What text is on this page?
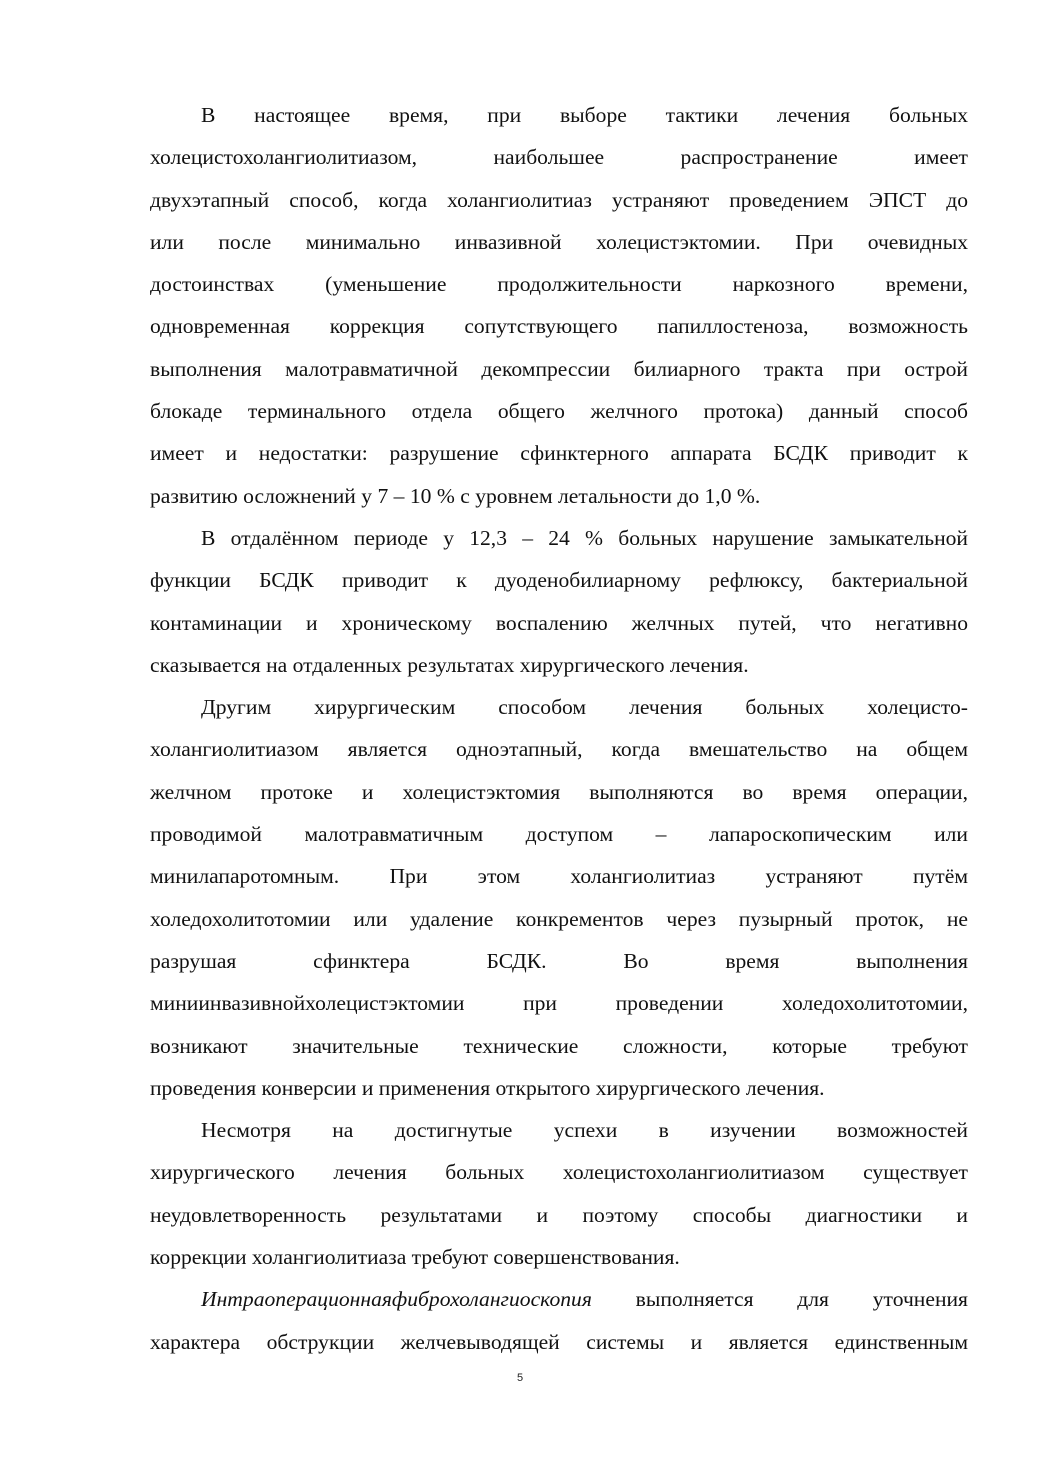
В настоящее время, при выборе тактики лечения больных
холецистохолангиолитиазом, наибольшее распространение имеет
двухэтапный способ, когда холангиолитиаз устраняют проведением ЭПСТ до
или после минимально инвазивной холецистэктомии. При очевидных
достоинствах (уменьшение продолжительности наркозного времени,
одновременная коррекция сопутствующего папиллостеноза, возможность
выполнения малотравматичной декомпрессии билиарного тракта при острой
блокаде терминального отдела общего желчного протока) данный способ
имеет и недостатки: разрушение сфинктерного аппарата БСДК приводит к
развитию осложнений у 7 – 10 % с уровнем летальности до 1,0 %.

В отдалённом периоде у 12,3 – 24 % больных нарушение замыкательной
функции БСДК приводит к дуоденобилиарному рефлюксу, бактериальной
контаминации и хроническому воспалению желчных путей, что негативно
сказывается на отдаленных результатах хирургического лечения.

Другим хирургическим способом лечения больных холецисто-
холангиолитиазом является одноэтапный, когда вмешательство на общем
желчном протоке и холецистэктомия выполняются во время операции,
проводимой малотравматичным доступом – лапароскопическим или
минилапаротомным. При этом холангиолитиаз устраняют путём
холедохолитотомии или удаление конкрементов через пузырный проток, не
разрушая сфинктера БСДК. Во время выполнения
миниинвазивнойхолецистэктомии при проведении холедохолитотомии,
возникают значительные технические сложности, которые требуют
проведения конверсии и применения открытого хирургического лечения.

Несмотря на достигнутые успехи в изучении возможностей
хирургического лечения больных холецистохолангиолитиазом существует
неудовлетворенность результатами и поэтому способы диагностики и
коррекции холангиолитиаза требуют совершенствования.

Интраоперационнаяфиброхолангиоскопия выполняется для уточнения
характера обструкции желчевыводящей системы и является единственным

5
